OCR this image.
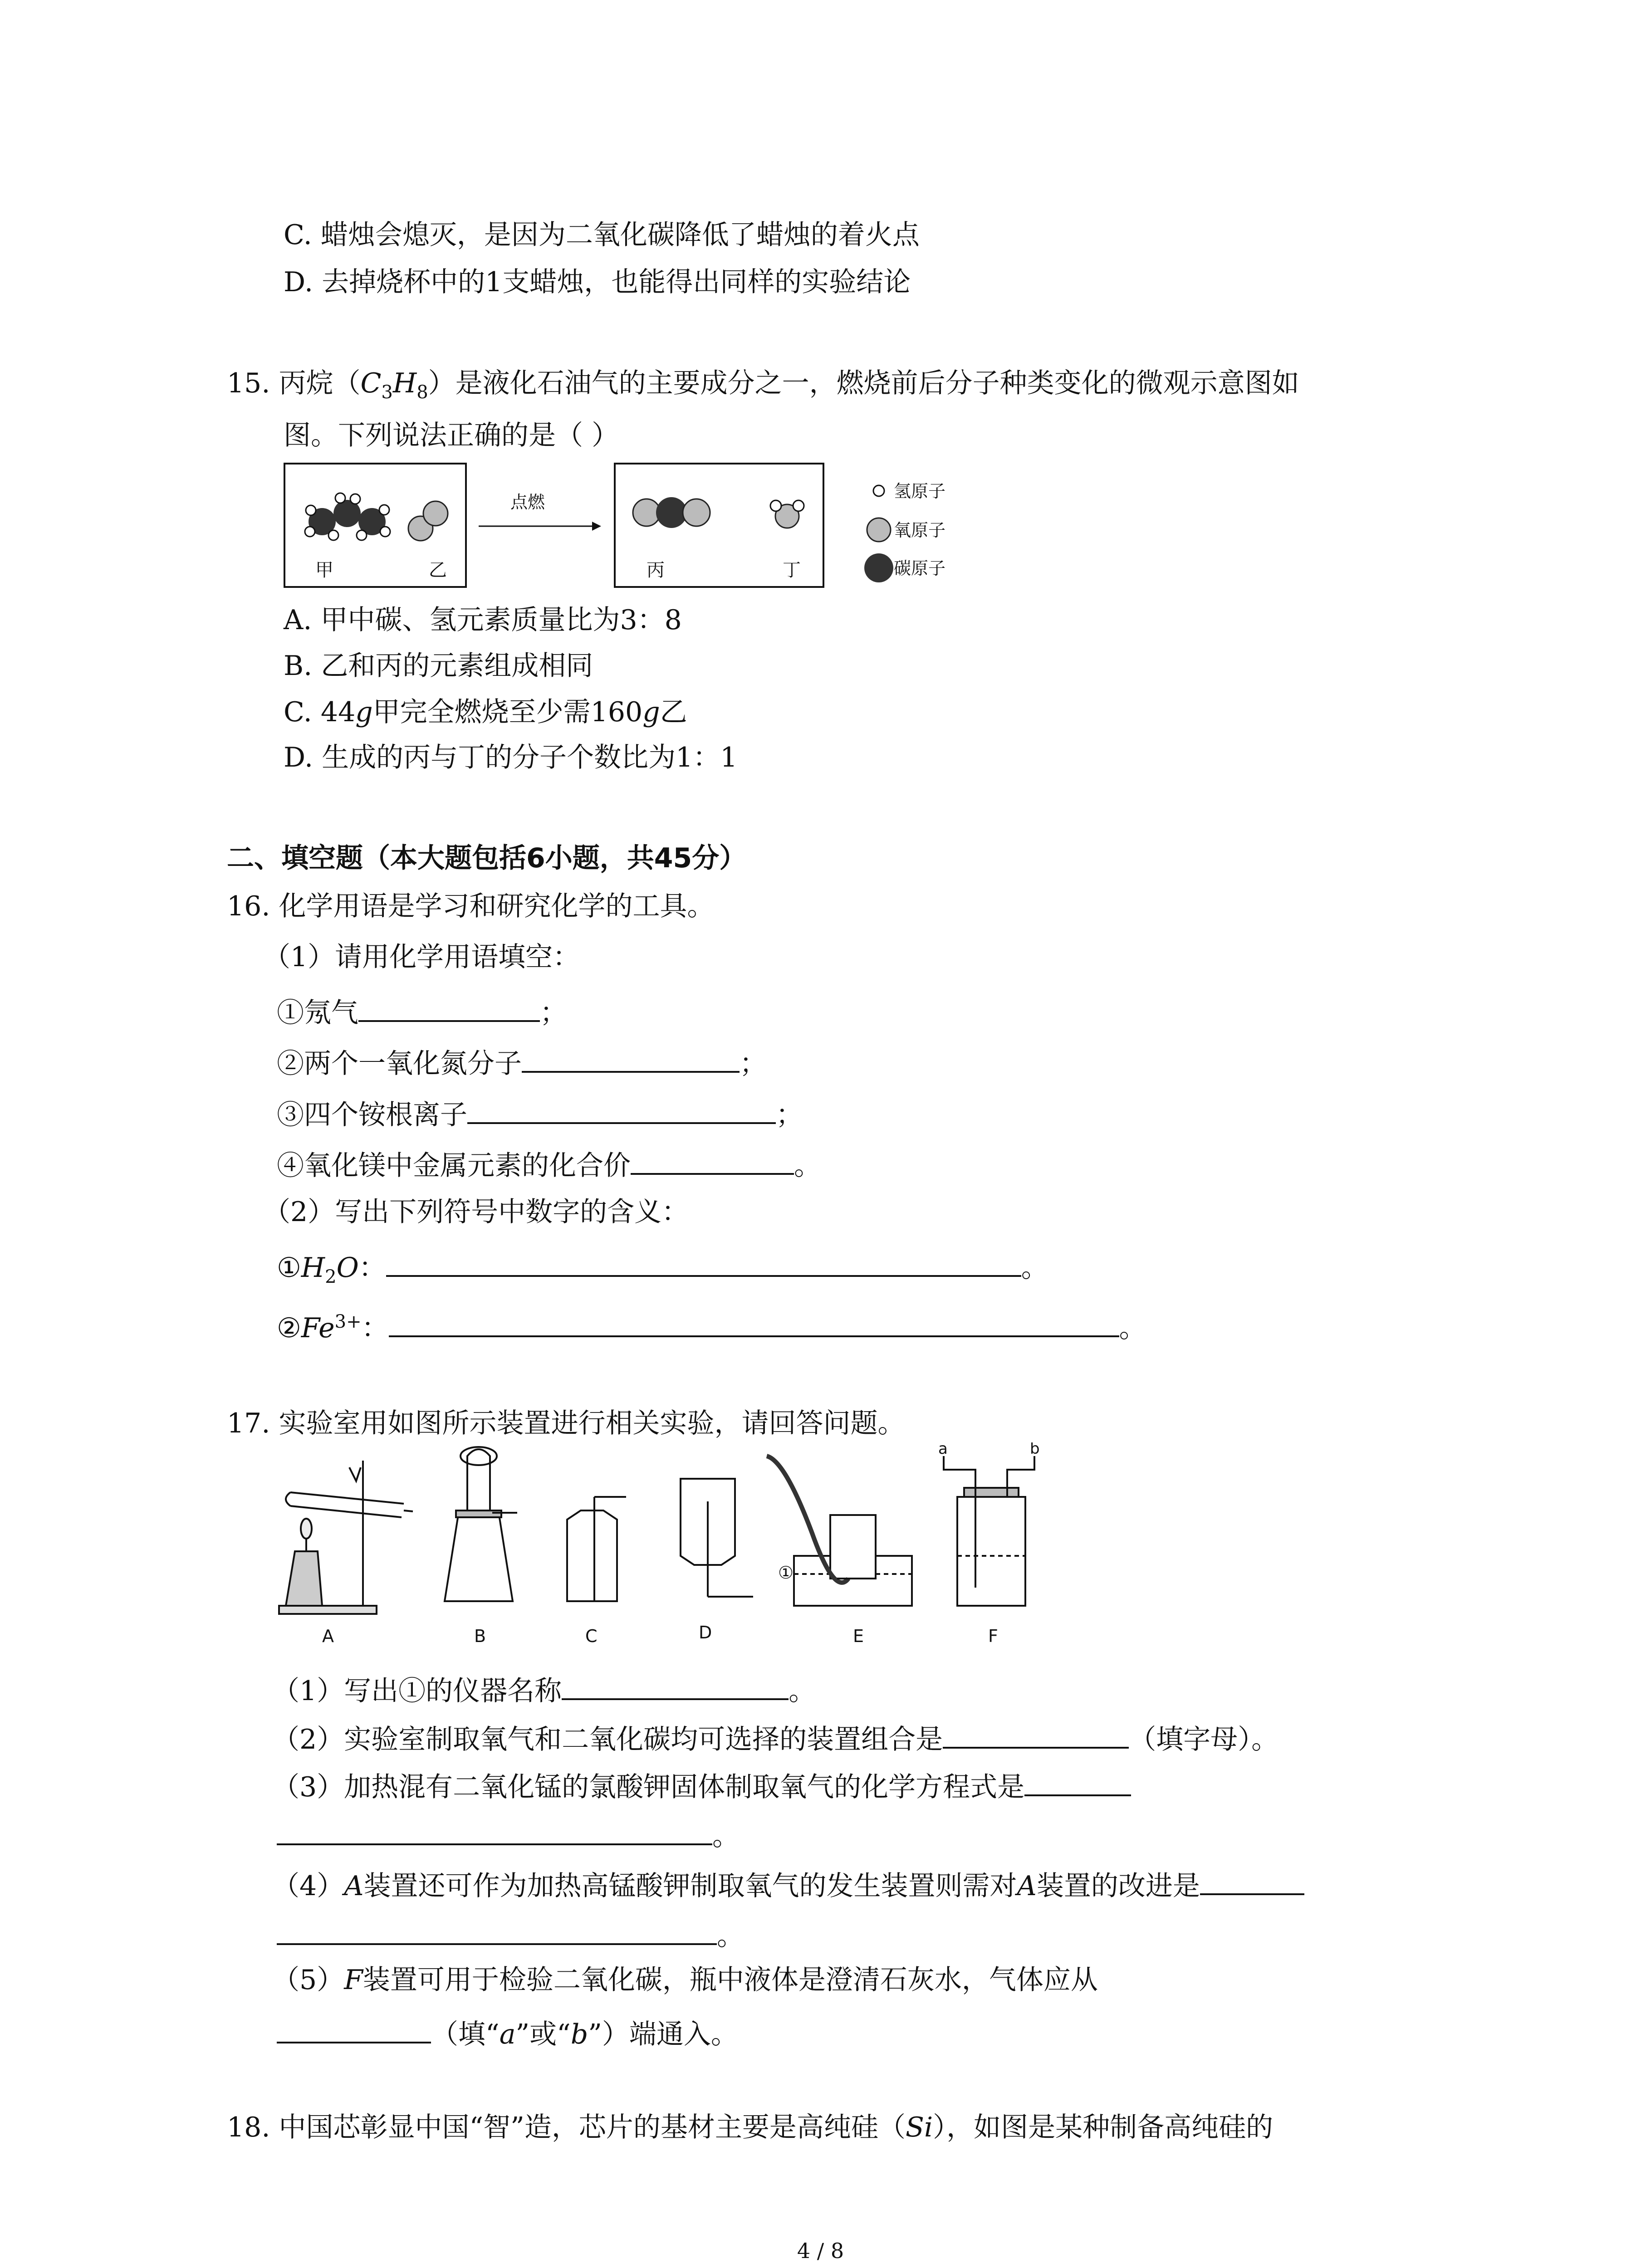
C. 蜡烛会熄灭，是因为二氧化碳降低了蜡烛的着火点
D. 去掉烧杯中的1支蜡烛，也能得出同样的实验结论
15. 丙烷$(C_3H_8)$是液化石油气的主要成分之一，燃烧前后分子种类变化的微观示意图如
图。下列说法正确的是（ ）
甲	乙
点燃
丙	丁
氢原子
氧原子
碳原子
A. 甲中碳、氢元素质量比为3：8
B. 乙和丙的元素组成相同
C. 44g甲完全燃烧至少需160g乙
D. 生成的丙与丁的分子个数比为1：1
二、填空题（本大题包括6小题，共45分）
16. 化学用语是学习和研究化学的工具。
（1）请用化学用语填空：
①氖气	；
②两个一氧化氮分子	；
③四个铵根离子	；
④氧化镁中金属元素的化合价	。
（2）写出下列符号中数字的含义：
$①H_2O$：	。
$②Fe^{3+}$：	。
17. 实验室用如图所示装置进行相关实验，请回答问题。
①
a	b
A	B	C	D	E	F
（1）写出①的仪器名称	。
（2）实验室制取氧气和二氧化碳均可选择的装置组合是	（填字母）。
（3）加热混有二氧化锰的氯酸钾固体制取氧气的化学方程式是
。
（4）A装置还可作为加热高锰酸钾制取氧气的发生装置则需对A装置的改进是
。
（5）F装置可用于检验二氧化碳，瓶中液体是澄清石灰水，气体应从
（填“a”或“b”）端通入。
18. 中国芯彰显中国“智”造，芯片的基材主要是高纯硅（Si），如图是某种制备高纯硅的
4 / 8
